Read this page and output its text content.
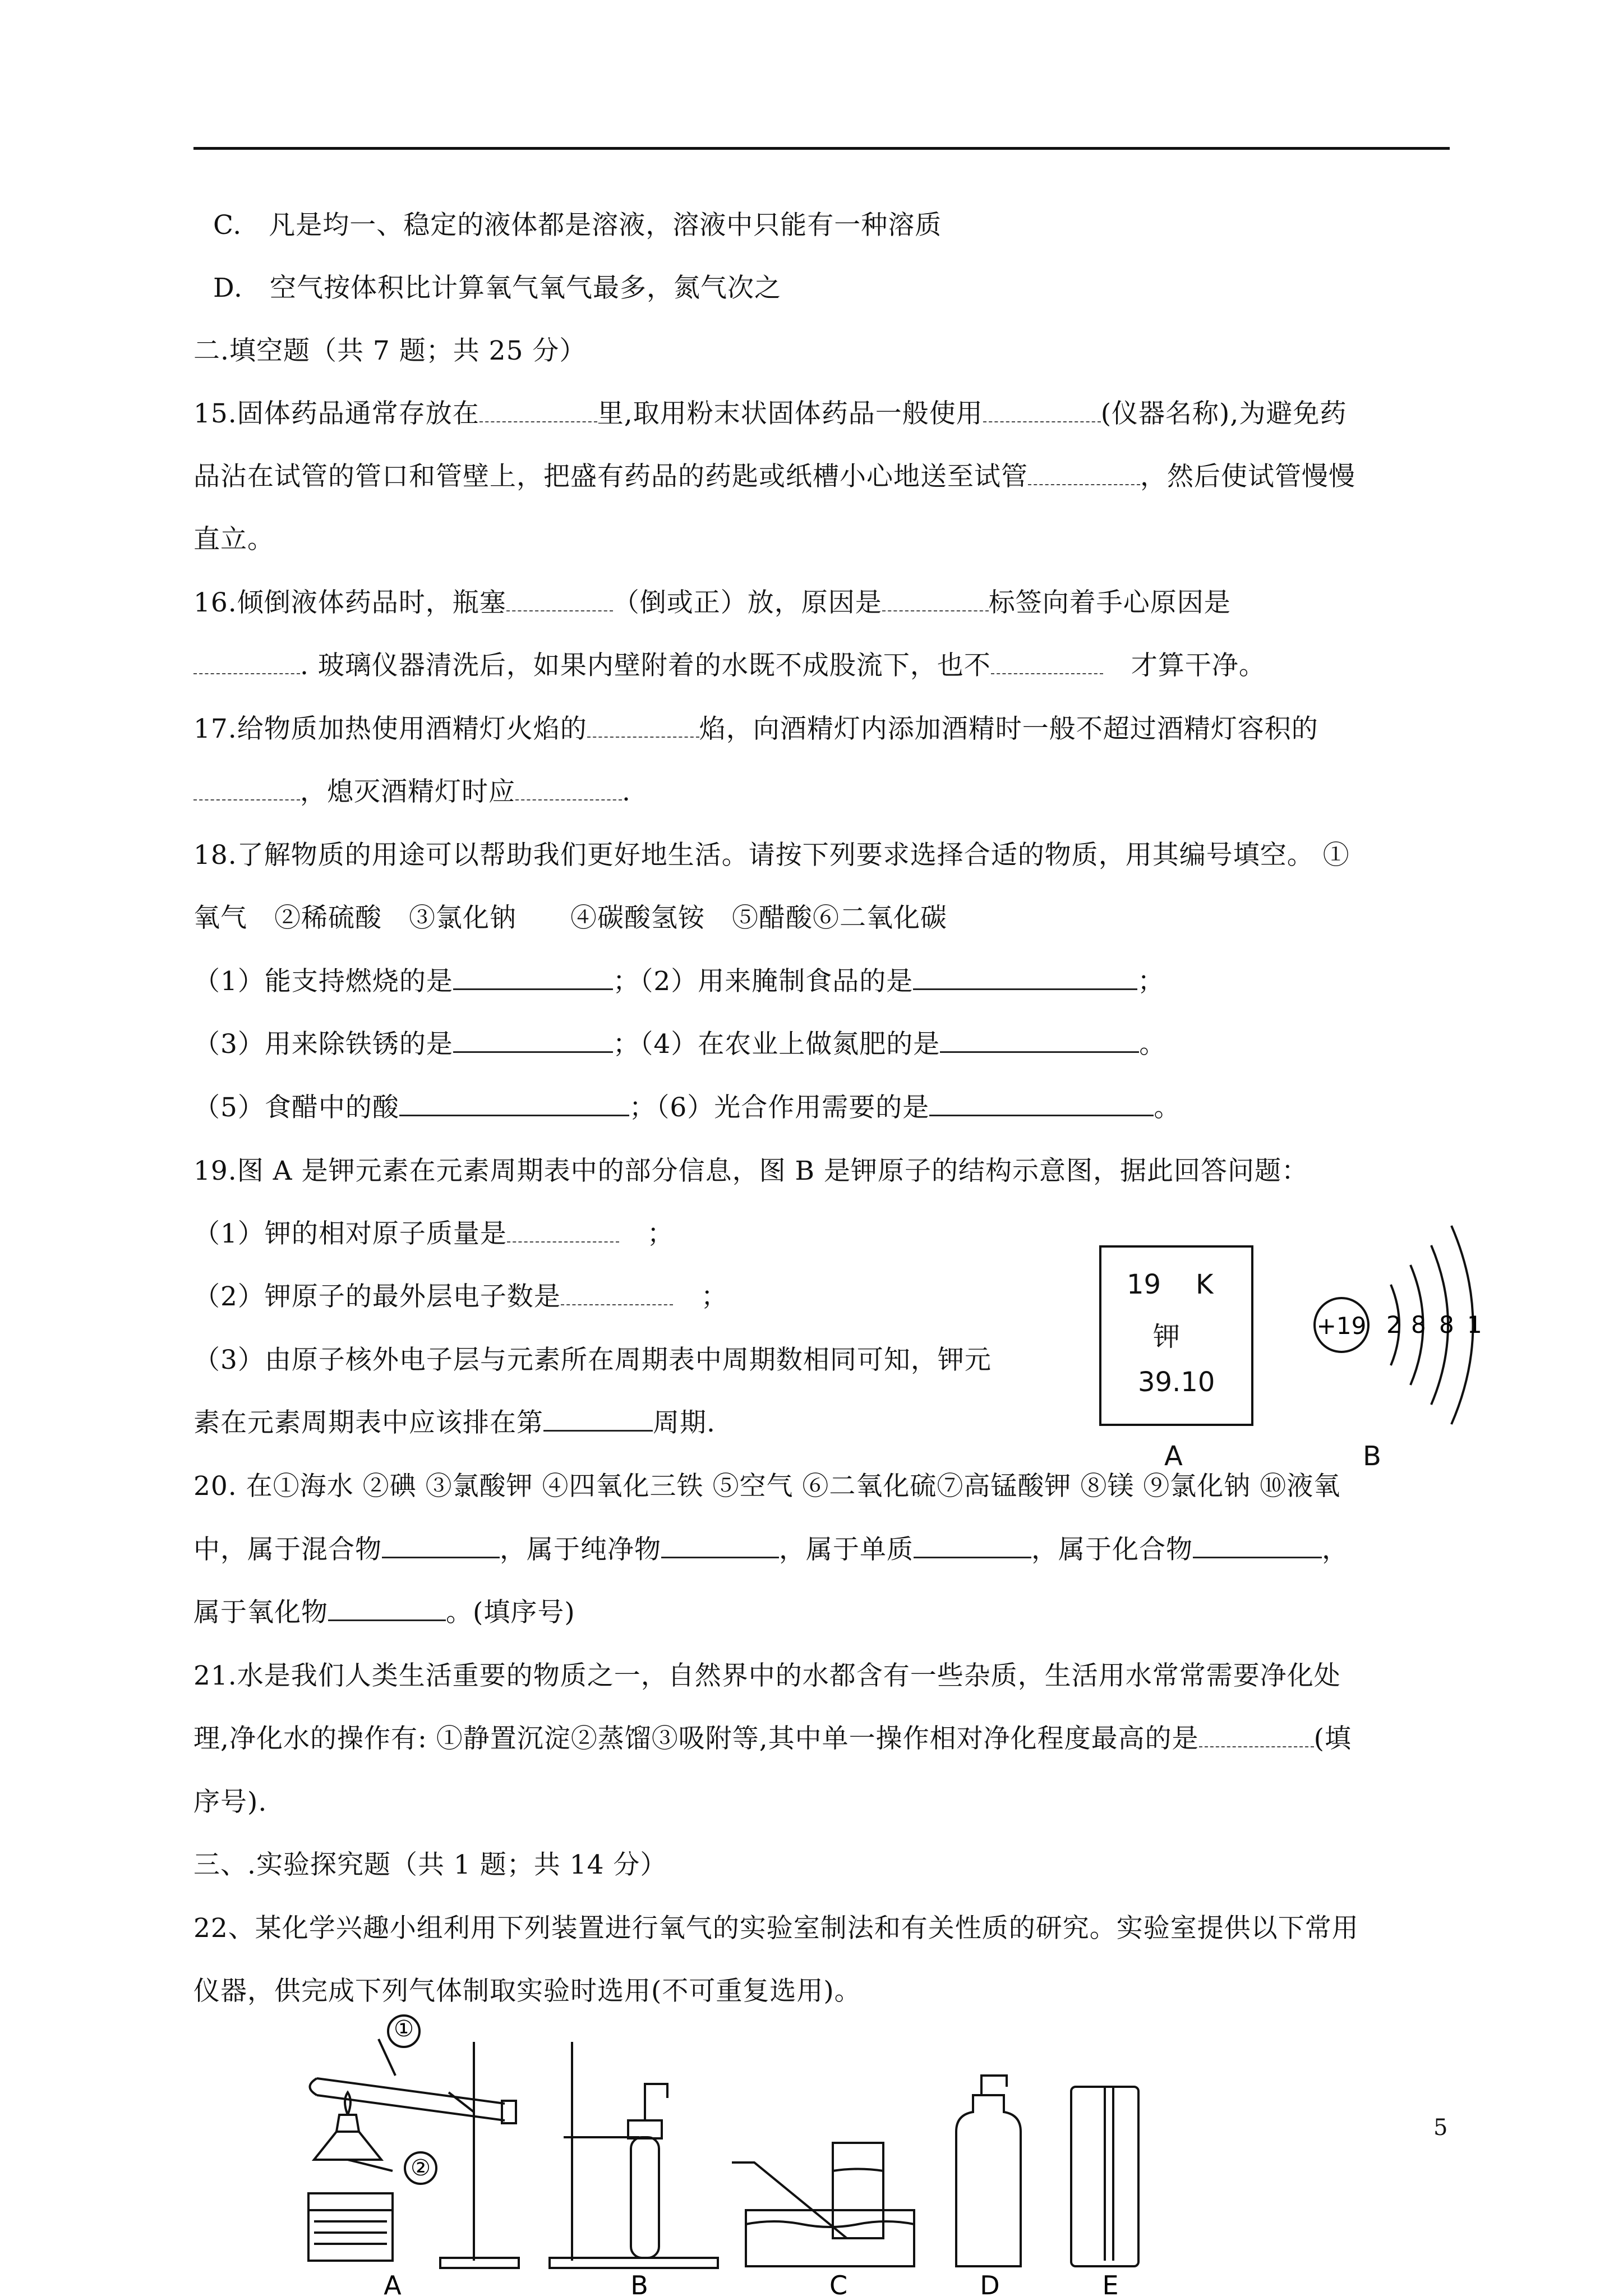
C.　凡是均一、稳定的液体都是溶液，溶液中只能有一种溶质
D.　空气按体积比计算氧气氧气最多，氮气次之
二.填空题（共 7 题；共 25 分）
15.固体药品通常存放在	里,取用粉末状固体药品一般使用	(仪器名称),为避免药
品沾在试管的管口和管壁上，把盛有药品的药匙或纸槽小心地送至试管	，然后使试管慢慢
直立。
16.倾倒液体药品时，瓶塞	（倒或正）放，原因是	标签向着手心原因是
. 玻璃仪器清洗后，如果内壁附着的水既不成股流下，也不	才算干净。
17.给物质加热使用酒精灯火焰的	焰，向酒精灯内添加酒精时一般不超过酒精灯容积的
，熄灭酒精灯时应	.
18.了解物质的用途可以帮助我们更好地生活。请按下列要求选择合适的物质，用其编号填空。 ①
氧气　②稀硫酸　③氯化钠　　④碳酸氢铵　⑤醋酸⑥二氧化碳
（1）能支持燃烧的是	；（2）用来腌制食品的是	；
（3）用来除铁锈的是	；（4）在农业上做氮肥的是	。
（5）食醋中的酸	；（6）光合作用需要的是	。
19.图 A 是钾元素在元素周期表中的部分信息，图 B 是钾原子的结构示意图，据此回答问题：
（1）钾的相对原子质量是	；
（2）钾原子的最外层电子数是	；
（3）由原子核外电子层与元素所在周期表中周期数相同可知，钾元
素在元素周期表中应该排在第	周期.
19 K
钾
39.10
A
+19 2 8 8 1
B
20. 在①海水 ②碘 ③氯酸钾 ④四氧化三铁 ⑤空气 ⑥二氧化硫⑦高锰酸钾 ⑧镁 ⑨氯化钠 ⑩液氧
中，属于混合物	，属于纯净物	，属于单质	，属于化合物	，
属于氧化物	。(填序号)
21.水是我们人类生活重要的物质之一，自然界中的水都含有一些杂质，生活用水常常需要净化处
理,净化水的操作有: ①静置沉淀②蒸馏③吸附等,其中单一操作相对净化程度最高的是	(填
序号).
三、.实验探究题（共 1 题；共 14 分）
22、某化学兴趣小组利用下列装置进行氧气的实验室制法和有关性质的研究。实验室提供以下常用
仪器，供完成下列气体制取实验时选用(不可重复选用)。
①
②
A	B	C	D	E
5
